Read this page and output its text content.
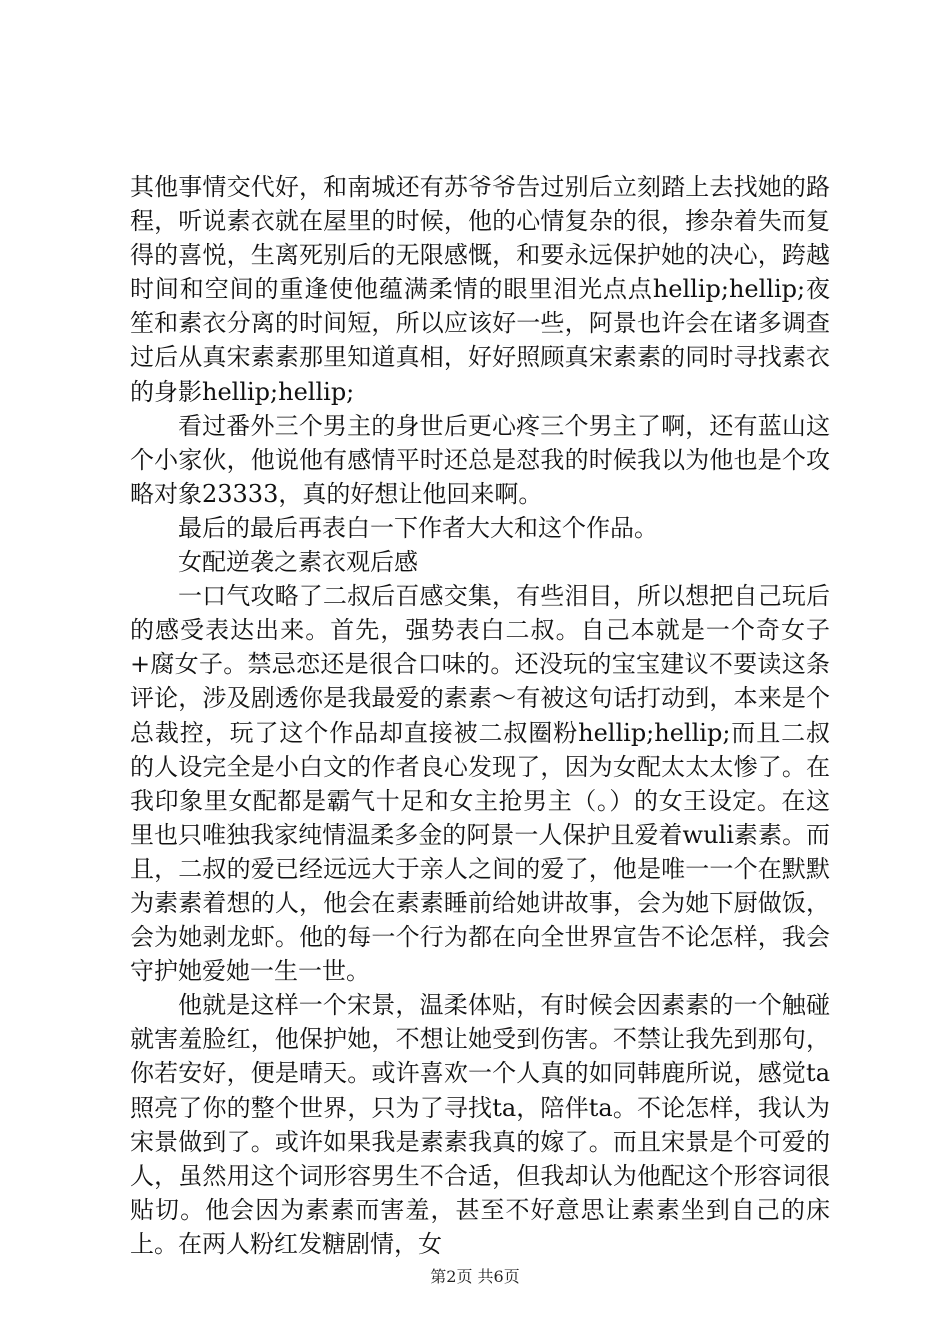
其他事情交代好，和南城还有苏爷爷告过别后立刻踏上去找她的路程，听说素衣就在屋里的时候，他的心情复杂的很，掺杂着失而复得的喜悦，生离死别后的无限感慨，和要永远保护她的决心，跨越时间和空间的重逢使他蕴满柔情的眼里泪光点点hellip;hellip;夜笙和素衣分离的时间短，所以应该好一些，阿景也许会在诸多调查过后从真宋素素那里知道真相，好好照顾真宋素素的同时寻找素衣的身影hellip;hellip;

看过番外三个男主的身世后更心疼三个男主了啊，还有蓝山这个小家伙，他说他有感情平时还总是怼我的时候我以为他也是个攻略对象23333，真的好想让他回来啊。

最后的最后再表白一下作者大大和这个作品。

女配逆袭之素衣观后感

一口气攻略了二叔后百感交集，有些泪目，所以想把自己玩后的感受表达出来。首先，强势表白二叔。自己本就是一个奇女子+腐女子。禁忌恋还是很合口味的。还没玩的宝宝建议不要读这条评论，涉及剧透你是我最爱的素素～有被这句话打动到，本来是个总裁控，玩了这个作品却直接被二叔圈粉hellip;hellip;而且二叔的人设完全是小白文的作者良心发现了，因为女配太太太惨了。在我印象里女配都是霸气十足和女主抢男主（。）的女王设定。在这里也只唯独我家纯情温柔多金的阿景一人保护且爱着wuli素素。而且，二叔的爱已经远远大于亲人之间的爱了，他是唯一一个在默默为素素着想的人，他会在素素睡前给她讲故事，会为她下厨做饭，会为她剥龙虾。他的每一个行为都在向全世界宣告不论怎样，我会守护她爱她一生一世。

他就是这样一个宋景，温柔体贴，有时候会因素素的一个触碰就害羞脸红，他保护她，不想让她受到伤害。不禁让我先到那句，你若安好，便是晴天。或许喜欢一个人真的如同韩鹿所说，感觉ta照亮了你的整个世界，只为了寻找ta，陪伴ta。不论怎样，我认为宋景做到了。或许如果我是素素我真的嫁了。而且宋景是个可爱的人，虽然用这个词形容男生不合适，但我却认为他配这个形容词很贴切。他会因为素素而害羞，甚至不好意思让素素坐到自己的床上。在两人粉红发糖剧情，女

第2页 共6页
